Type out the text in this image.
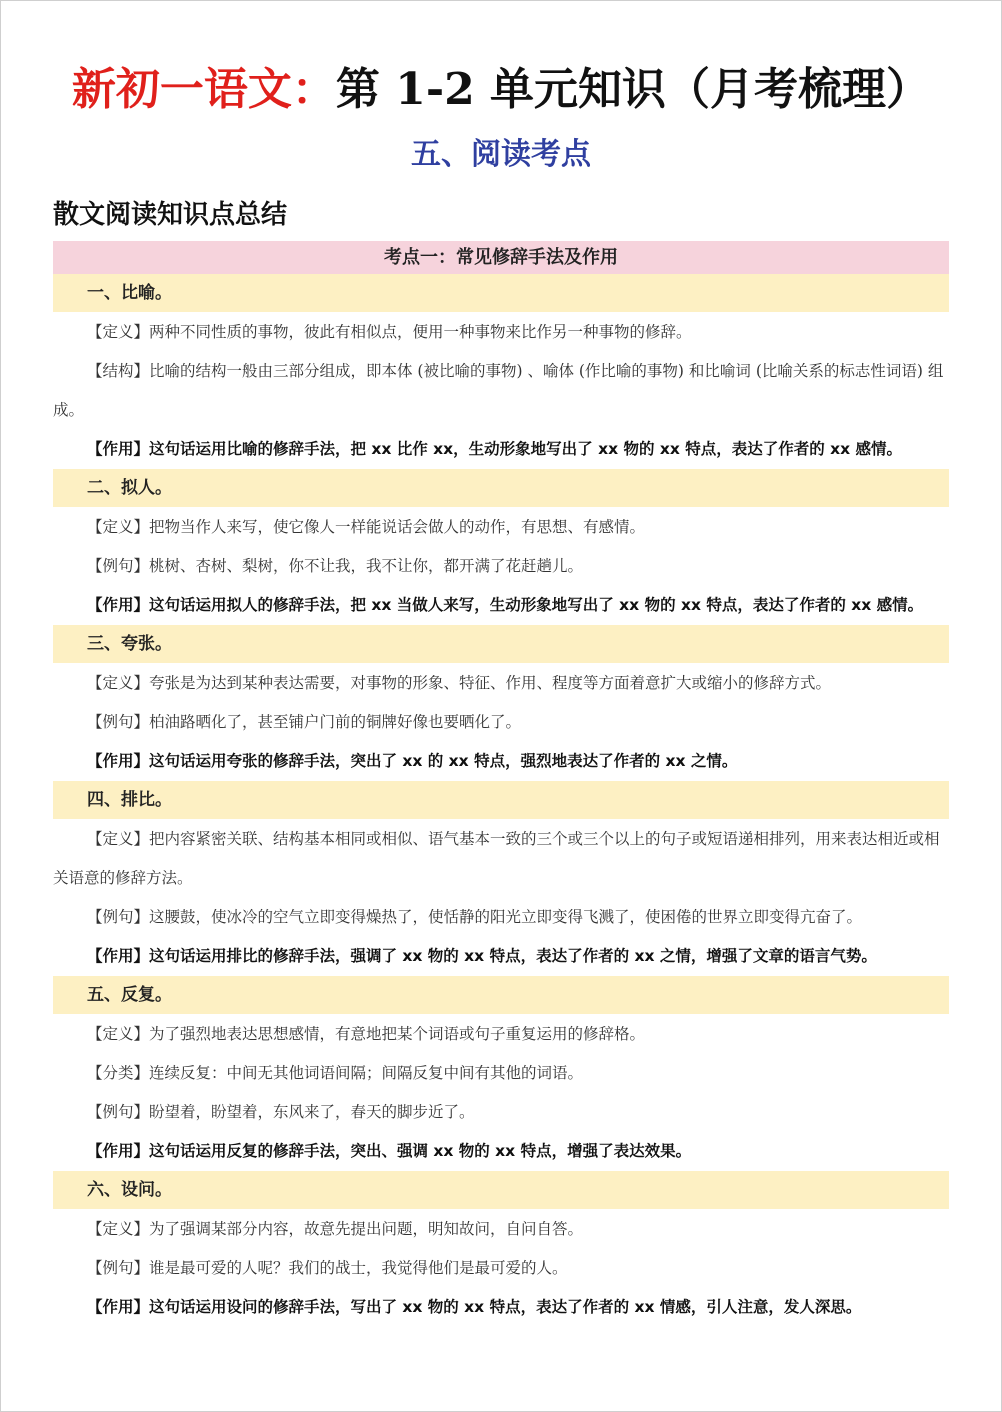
新初一语文：第 1-2 单元知识（月考梳理）
五、阅读考点
散文阅读知识点总结
考点一：常见修辞手法及作用
一、比喻。

【定义】两种不同性质的事物，彼此有相似点，便用一种事物来比作另一种事物的修辞。

【结构】比喻的结构一般由三部分组成，即本体 (被比喻的事物) 、喻体 (作比喻的事物) 和比喻词 (比喻关系的标志性词语) 组成。

【作用】这句话运用比喻的修辞手法，把 xx 比作 xx，生动形象地写出了 xx 物的 xx 特点，表达了作者的 xx 感情。

二、拟人。

【定义】把物当作人来写，使它像人一样能说话会做人的动作，有思想、有感情。

【例句】桃树、杏树、梨树，你不让我，我不让你，都开满了花赶趟儿。

【作用】这句话运用拟人的修辞手法，把 xx 当做人来写，生动形象地写出了 xx 物的 xx 特点，表达了作者的 xx 感情。

三、夸张。

【定义】夸张是为达到某种表达需要，对事物的形象、特征、作用、程度等方面着意扩大或缩小的修辞方式。

【例句】柏油路晒化了，甚至铺户门前的铜牌好像也要晒化了。

【作用】这句话运用夸张的修辞手法，突出了 xx 的 xx 特点，强烈地表达了作者的 xx 之情。

四、排比。

【定义】把内容紧密关联、结构基本相同或相似、语气基本一致的三个或三个以上的句子或短语递相排列，用来表达相近或相关语意的修辞方法。

【例句】这腰鼓，使冰冷的空气立即变得燥热了，使恬静的阳光立即变得飞溅了，使困倦的世界立即变得亢奋了。

【作用】这句话运用排比的修辞手法，强调了 xx 物的 xx 特点，表达了作者的 xx 之情，增强了文章的语言气势。

五、反复。

【定义】为了强烈地表达思想感情，有意地把某个词语或句子重复运用的修辞格。

【分类】连续反复：中间无其他词语间隔；间隔反复中间有其他的词语。

【例句】盼望着，盼望着，东风来了，春天的脚步近了。

【作用】这句话运用反复的修辞手法，突出、强调 xx 物的 xx 特点，增强了表达效果。

六、设问。

【定义】为了强调某部分内容，故意先提出问题，明知故问，自问自答。

【例句】谁是最可爱的人呢？我们的战士，我觉得他们是最可爱的人。

【作用】这句话运用设问的修辞手法，写出了 xx 物的 xx 特点，表达了作者的 xx 情感，引人注意，发人深思。
